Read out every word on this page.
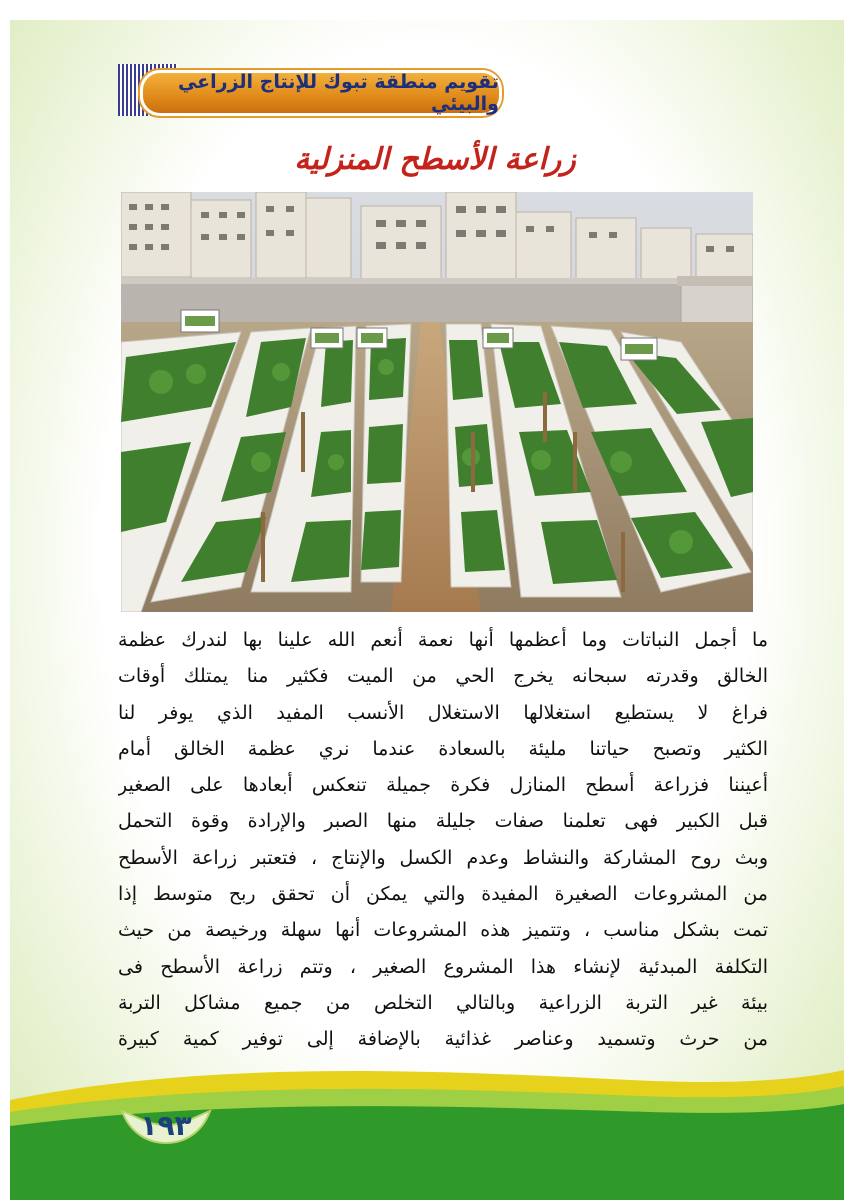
تقويم منطقة تبوك للإنتاج الزراعي والبيئي
زراعة الأسطح المنزلية

ما أجمل النباتات وما أعظمها أنها نعمة أنعم الله علينا بها لندرك عظمة

الخالق وقدرته سبحانه يخرج الحي من الميت فكثير منا يمتلك أوقات

فراغ لا يستطيع استغلالها الاستغلال الأنسب المفيد الذي يوفر لنا

الكثير وتصبح حياتنا مليئة بالسعادة عندما نري عظمة الخالق أمام

أعيننا فزراعة أسطح المنازل فكرة جميلة تنعكس أبعادها على الصغير

قبل الكبير فهى تعلمنا صفات جليلة منها الصبر والإرادة وقوة التحمل

وبث روح المشاركة والنشاط وعدم الكسل والإنتاج ، فتعتبر زراعة الأسطح

من المشروعات الصغيرة المفيدة والتي يمكن أن تحقق ربح متوسط إذا

تمت بشكل مناسب ، وتتميز هذه المشروعات أنها سهلة ورخيصة من حيث

التكلفة المبدئية لإنشاء هذا المشروع الصغير ، وتتم زراعة الأسطح فى

بيئة غير التربة الزراعية وبالتالي التخلص من جميع مشاكل التربة

من حرث وتسميد وعناصر غذائية بالإضافة إلى توفير كمية كبيرة

١٩٣
